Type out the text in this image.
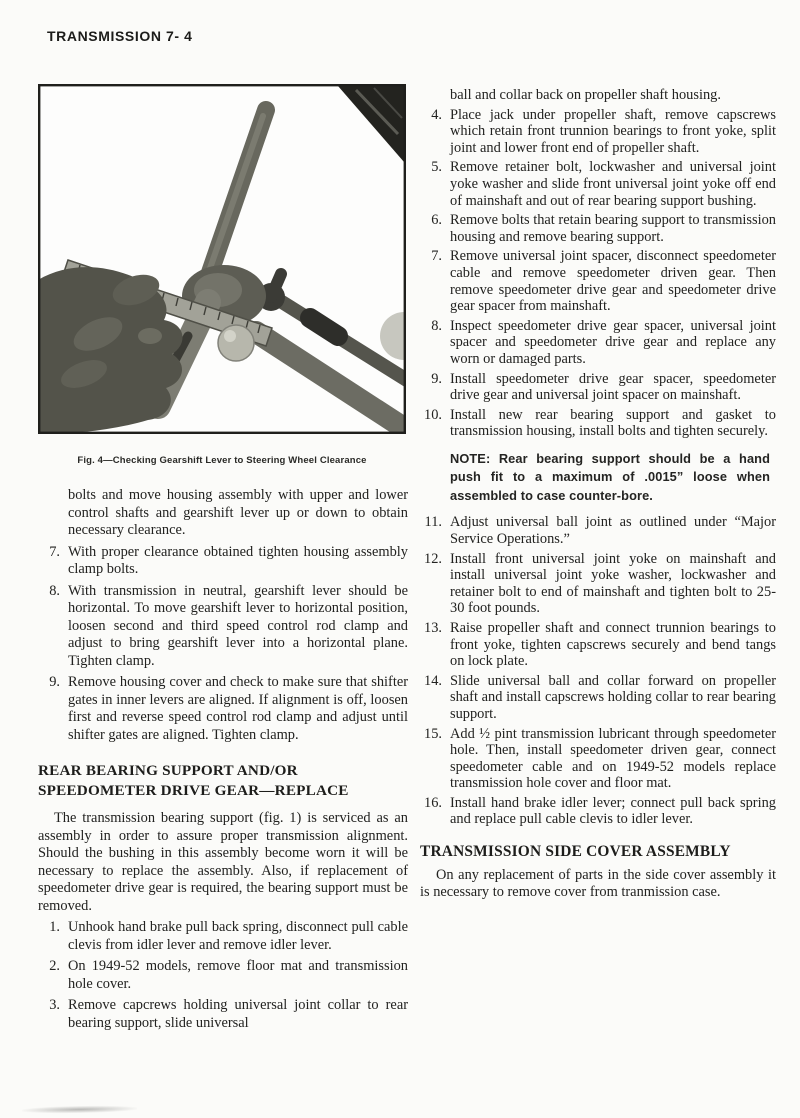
TRANSMISSION 7- 4
Fig. 4—Checking Gearshift Lever to Steering Wheel Clearance
bolts and move housing assembly with upper and lower control shafts and gearshift lever up or down to obtain necessary clearance.
7. With proper clearance obtained tighten housing assembly clamp bolts.
8. With transmission in neutral, gearshift lever should be horizontal. To move gearshift lever to horizontal position, loosen second and third speed control rod clamp and adjust to bring gearshift lever into a horizontal plane. Tighten clamp.
9. Remove housing cover and check to make sure that shifter gates in inner levers are aligned. If alignment is off, loosen first and reverse speed control rod clamp and adjust until shifter gates are aligned. Tighten clamp.
REAR BEARING SUPPORT AND/OR SPEEDOMETER DRIVE GEAR—REPLACE
The transmission bearing support (fig. 1) is serviced as an assembly in order to assure proper transmission alignment. Should the bushing in this assembly become worn it will be necessary to replace the assembly. Also, if replacement of speedometer drive gear is required, the bearing support must be removed.
1. Unhook hand brake pull back spring, disconnect pull cable clevis from idler lever and remove idler lever.
2. On 1949-52 models, remove floor mat and transmission hole cover.
3. Remove capcrews holding universal joint collar to rear bearing support, slide universal
ball and collar back on propeller shaft housing.
4. Place jack under propeller shaft, remove capscrews which retain front trunnion bearings to front yoke, split joint and lower front end of propeller shaft.
5. Remove retainer bolt, lockwasher and universal joint yoke washer and slide front universal joint yoke off end of mainshaft and out of rear bearing support bushing.
6. Remove bolts that retain bearing support to transmission housing and remove bearing support.
7. Remove universal joint spacer, disconnect speedometer cable and remove speedometer driven gear. Then remove speedometer drive gear and speedometer drive gear spacer from mainshaft.
8. Inspect speedometer drive gear spacer, universal joint spacer and speedometer drive gear and replace any worn or damaged parts.
9. Install speedometer drive gear spacer, speedometer drive gear and universal joint spacer on mainshaft.
10. Install new rear bearing support and gasket to transmission housing, install bolts and tighten securely.
NOTE: Rear bearing support should be a hand push fit to a maximum of .0015” loose when assembled to case counter-bore.
11. Adjust universal ball joint as outlined under “Major Service Operations.”
12. Install front universal joint yoke on mainshaft and install universal joint yoke washer, lockwasher and retainer bolt to end of mainshaft and tighten bolt to 25-30 foot pounds.
13. Raise propeller shaft and connect trunnion bearings to front yoke, tighten capscrews securely and bend tangs on lock plate.
14. Slide universal ball and collar forward on propeller shaft and install capscrews holding collar to rear bearing support.
15. Add ½ pint transmission lubricant through speedometer hole. Then, install speedometer driven gear, connect speedometer cable and on 1949-52 models replace transmission hole cover and floor mat.
16. Install hand brake idler lever; connect pull back spring and replace pull cable clevis to idler lever.
TRANSMISSION SIDE COVER ASSEMBLY
On any replacement of parts in the side cover assembly it is necessary to remove cover from tranmission case.
